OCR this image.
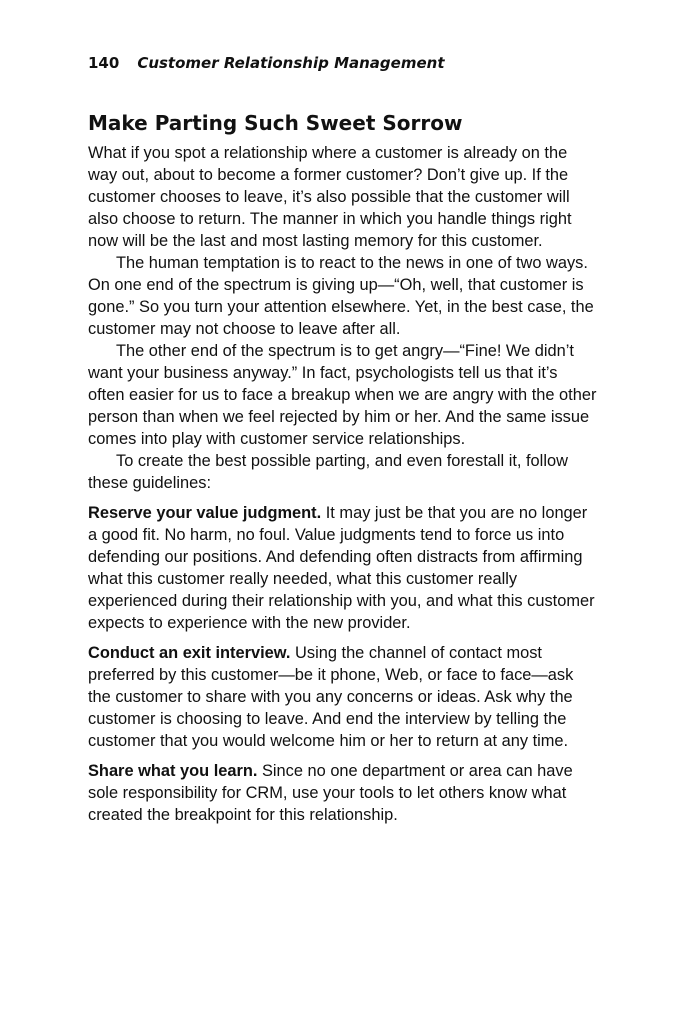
140 Customer Relationship Management
Make Parting Such Sweet Sorrow

What if you spot a relationship where a customer is already on the way out, about to become a former customer? Don’t give up. If the customer chooses to leave, it’s also possible that the customer will also choose to return. The manner in which you handle things right now will be the last and most lasting memory for this customer.

The human temptation is to react to the news in one of two ways. On one end of the spectrum is giving up—“Oh, well, that customer is gone.” So you turn your attention elsewhere. Yet, in the best case, the customer may not choose to leave after all.

The other end of the spectrum is to get angry—“Fine! We didn’t want your business anyway.” In fact, psychologists tell us that it’s often easier for us to face a breakup when we are angry with the other person than when we feel rejected by him or her. And the same issue comes into play with customer service relationships.

To create the best possible parting, and even forestall it, follow these guidelines:

Reserve your value judgment. It may just be that you are no longer a good fit. No harm, no foul. Value judgments tend to force us into defending our positions. And defending often distracts from affirming what this customer really needed, what this customer really experienced during their relationship with you, and what this customer expects to experience with the new provider.

Conduct an exit interview. Using the channel of contact most preferred by this customer—be it phone, Web, or face to face—ask the customer to share with you any concerns or ideas. Ask why the customer is choosing to leave. And end the interview by telling the customer that you would welcome him or her to return at any time.

Share what you learn. Since no one department or area can have sole responsibility for CRM, use your tools to let others know what created the breakpoint for this relationship.
